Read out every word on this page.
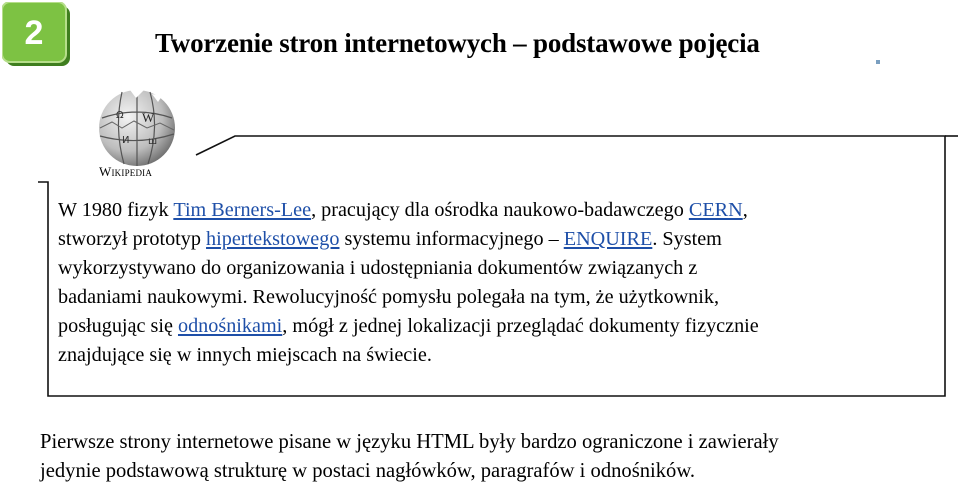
2	Tworzenie stron internetowych – podstawowe pojęcia
W
Ω
И ш
Wikipedia
W 1980 fizyk Tim Berners-Lee, pracujący dla ośrodka naukowo-badawczego CERN,
stworzył prototyp hipertekstowego systemu informacyjnego – ENQUIRE. System
wykorzystywano do organizowania i udostępniania dokumentów związanych z
badaniami naukowymi. Rewolucyjność pomysłu polegała na tym, że użytkownik,
posługując się odnośnikami, mógł z jednej lokalizacji przeglądać dokumenty fizycznie
znajdujące się w innych miejscach na świecie.
Pierwsze strony internetowe pisane w języku HTML były bardzo ograniczone i zawierały
jedynie podstawową strukturę w postaci nagłówków, paragrafów i odnośników.
